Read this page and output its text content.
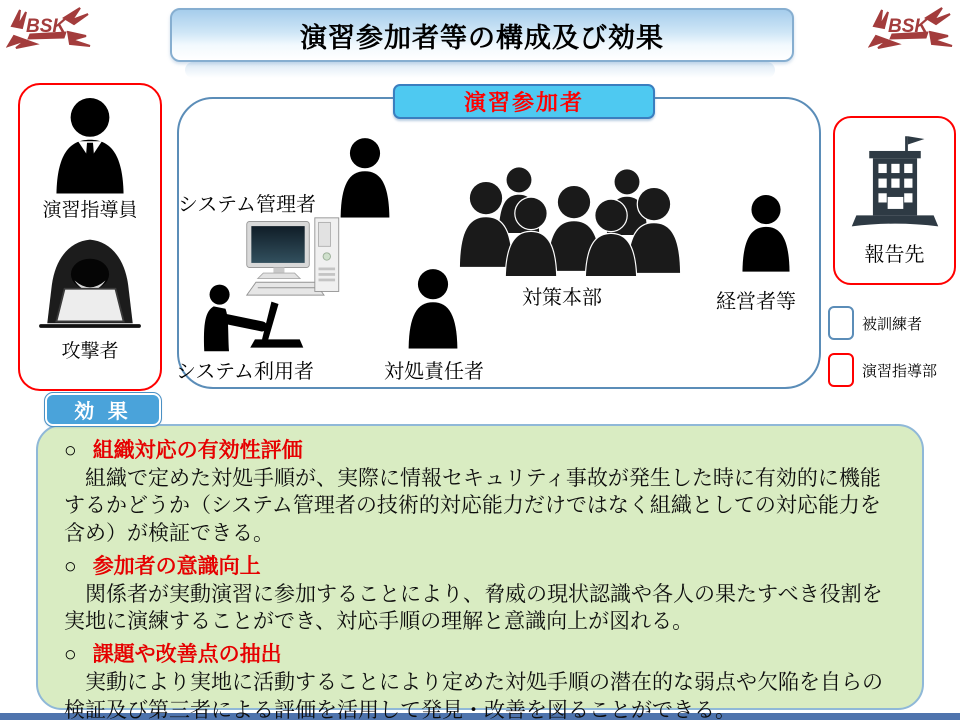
BSK	BSK
演習参加者等の構成及び効果
演習指導員
攻撃者
演習参加者
システム管理者
システム利用者	対処責任者
対策本部	経営者等
報告先
被訓練者
演習指導部
効 果
○ 組織対応の有効性評価

　組織で定めた対処手順が、実際に情報セキュリティ事故が発生した時に有効的に機能するかどうか（システム管理者の技術的対応能力だけではなく組織としての対応能力を含め）が検証できる。

○ 参加者の意識向上

　関係者が実動演習に参加することにより、脅威の現状認識や各人の果たすべき役割を実地に演練することができ、対応手順の理解と意識向上が図れる。

○ 課題や改善点の抽出

　実動により実地に活動することにより定めた対処手順の潜在的な弱点や欠陥を自らの検証及び第三者による評価を活用して発見・改善を図ることができる。
